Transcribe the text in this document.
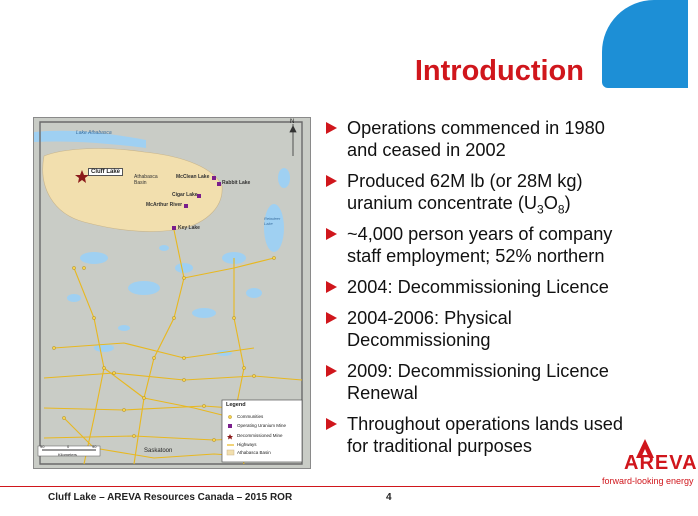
Introduction
Lake Athabasca
Cluff Lake
Athabasca Basin
McClean Lake
Rabbit Lake
Cigar Lake
McArthur River
Key Lake
Reindeer Lake
Saskatoon
N
Legend
Communities
Operating Uranium Mine
Decommissioned Mine
Highways
Athabasca Basin
90	0	90
Kilometers
Operations commenced in 1980 and ceased in 2002
Produced 62M lb (or 28M kg) uranium concentrate $(U_3O_8)$
~4,000 person years of company staff employment; 52% northern
2004: Decommissioning Licence
2004-2006: Physical Decommissioning
2009: Decommissioning Licence Renewal
Throughout operations lands used for traditional purposes
Cluff Lake – AREVA Resources Canada – 2015 ROR	4
AREVA
forward-looking energy
